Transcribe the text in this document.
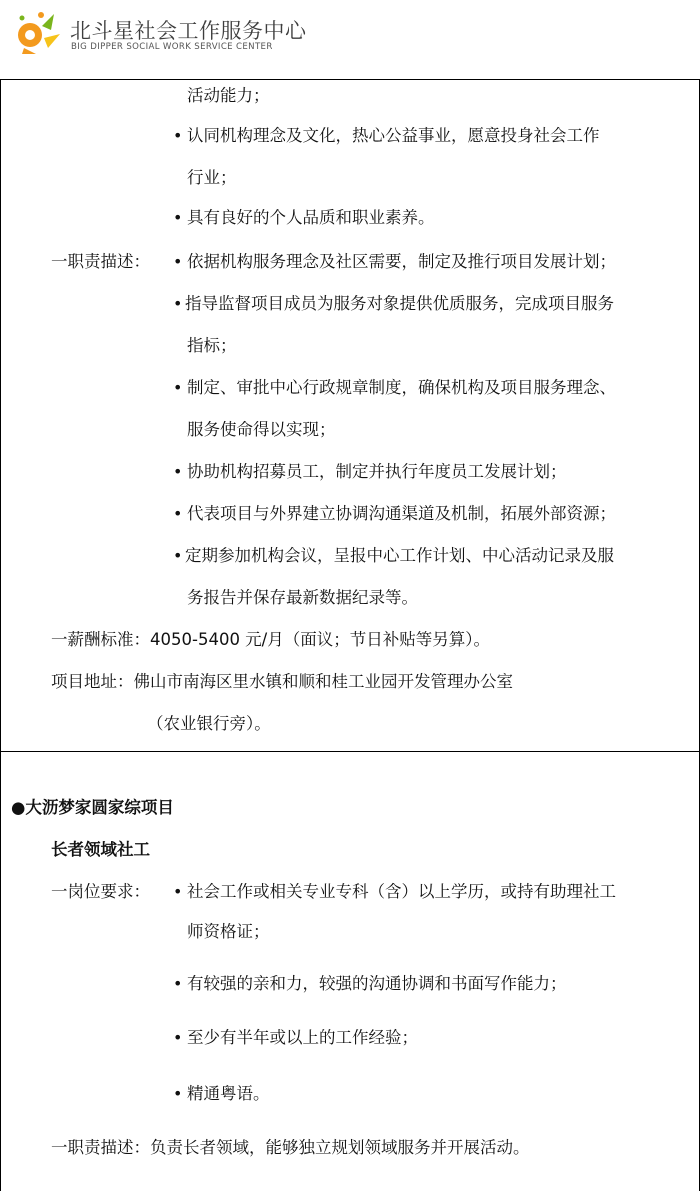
北斗星社会工作服务中心
BIG DIPPER SOCIAL WORK SERVICE CENTER
活动能力；
• 认同机构理念及文化，热心公益事业，愿意投身社会工作
行业；
• 具有良好的个人品质和职业素养。
一职责描述： • 依据机构服务理念及社区需要，制定及推行项目发展计划；
• 指导监督项目成员为服务对象提供优质服务，完成项目服务
指标；
• 制定、审批中心行政规章制度，确保机构及项目服务理念、
服务使命得以实现；
• 协助机构招募员工，制定并执行年度员工发展计划；
• 代表项目与外界建立协调沟通渠道及机制，拓展外部资源；
• 定期参加机构会议，呈报中心工作计划、中心活动记录及服
务报告并保存最新数据纪录等。
一薪酬标准：4050-5400 元/月（面议；节日补贴等另算）。
项目地址：佛山市南海区里水镇和顺和桂工业园开发管理办公室
（农业银行旁）。
●大沥梦家圆家综项目
长者领域社工
一岗位要求： • 社会工作或相关专业专科（含）以上学历，或持有助理社工
师资格证；
• 有较强的亲和力，较强的沟通协调和书面写作能力；
• 至少有半年或以上的工作经验；
• 精通粤语。
一职责描述：负责长者领域，能够独立规划领域服务并开展活动。
